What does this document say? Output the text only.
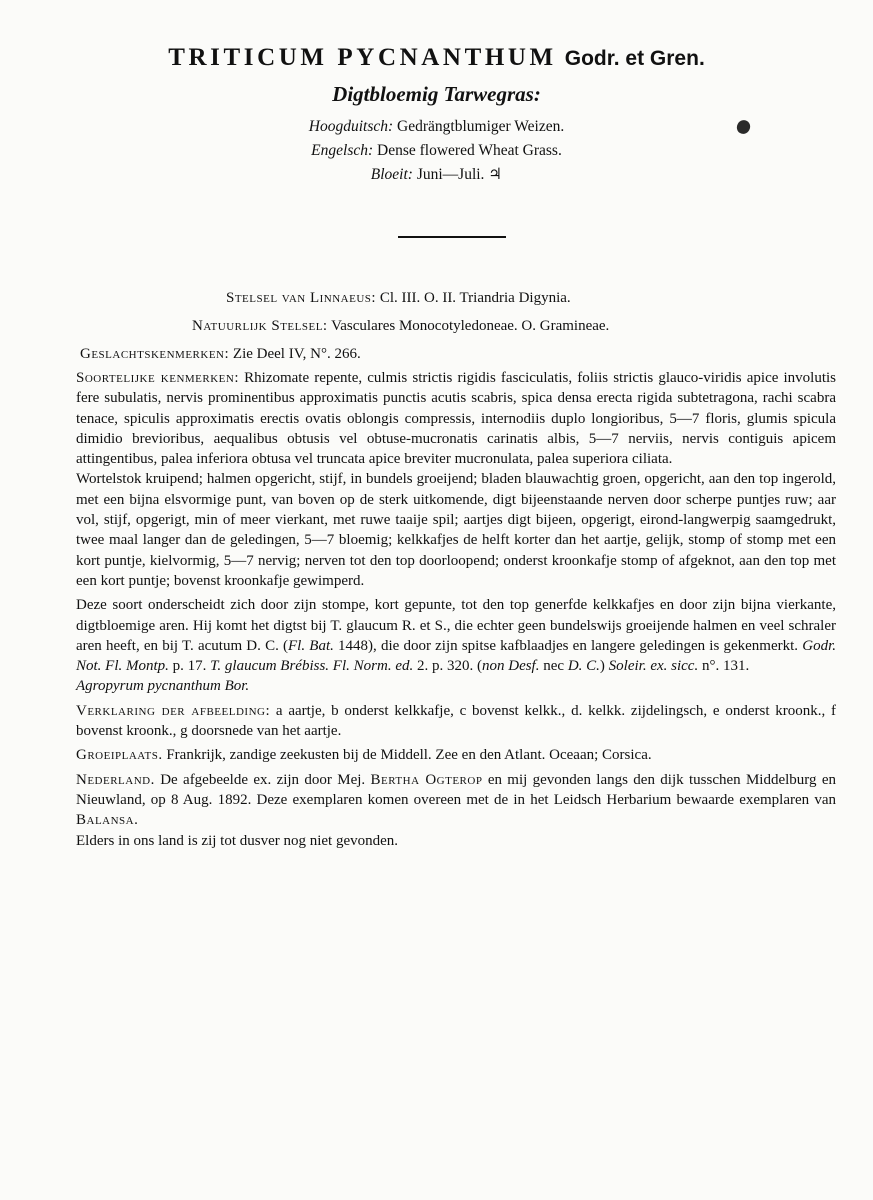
TRITICUM PYCNANTHUM Godr. et Gren.
Digtbloemig Tarwegras:
Hoogduitsch: Gedrängtblumiger Weizen.
Engelsch: Dense flowered Wheat Grass.
Bloeit: Juni—Juli. ♃
Stelsel van Linnaeus: Cl. III. O. II. Triandria Digynia.
Natuurlijk Stelsel: Vasculares Monocotyledoneae. O. Gramineae.
Geslachtskenmerken: Zie Deel IV, N°. 266.

Soortelijke kenmerken: Rhizomate repente, culmis strictis rigidis fasciculatis, foliis strictis glauco-viridis apice involutis fere subulatis, nervis prominentibus approximatis punctis acutis scabris, spica densa erecta rigida subtetragona, rachi scabra tenace, spiculis approximatis erectis ovatis oblongis compressis, internodiis duplo longioribus, 5—7 floris, glumis spicula dimidio brevioribus, aequalibus obtusis vel obtuse-mucronatis carinatis albis, 5—7 nerviis, nervis contiguis apicem attingentibus, palea inferiora obtusa vel truncata apice breviter mucronulata, palea superiora ciliata.

Wortelstok kruipend; halmen opgericht, stijf, in bundels groeijend; bladen blauwachtig groen, opgericht, aan den top ingerold, met een bijna elsvormige punt, van boven op de sterk uitkomende, digt bijeenstaande nerven door scherpe puntjes ruw; aar vol, stijf, opgerigt, min of meer vierkant, met ruwe taaije spil; aartjes digt bijeen, opgerigt, eirond-langwerpig saamgedrukt, twee maal langer dan de geledingen, 5—7 bloemig; kelkkafjes de helft korter dan het aartje, gelijk, stomp of stomp met een kort puntje, kielvormig, 5—7 nervig; nerven tot den top doorloopend; onderst kroonkafje stomp of afgeknot, aan den top met een kort puntje; bovenst kroonkafje gewimperd.

Deze soort onderscheidt zich door zijn stompe, kort gepunte, tot den top generfde kelkkafjes en door zijn bijna vierkante, digtbloemige aren. Hij komt het digtst bij T. glaucum R. et S., die echter geen bundelswijs groeijende halmen en veel schraler aren heeft, en bij T. acutum D. C. (Fl. Bat. 1448), die door zijn spitse kafblaadjes en langere geledingen is gekenmerkt. Godr. Not. Fl. Montp. p. 17. T. glaucum Brébiss. Fl. Norm. ed. 2. p. 320. (non Desf. nec D. C.) Soleir. ex. sicc. n°. 131.
Agropyrum pycnanthum Bor.

Verklaring der afbeelding: a aartje, b onderst kelkkafje, c bovenst kelkk., d. kelkk. zijdelingsch, e onderst kroonk., f bovenst kroonk., g doorsnede van het aartje.

Groeiplaats. Frankrijk, zandige zeekusten bij de Middell. Zee en den Atlant. Oceaan; Corsica.

Nederland. De afgebeelde ex. zijn door Mej. Bertha Ogterop en mij gevonden langs den dijk tusschen Middelburg en Nieuwland, op 8 Aug. 1892. Deze exemplaren komen overeen met de in het Leidsch Herbarium bewaarde exemplaren van Balansa.

Elders in ons land is zij tot dusver nog niet gevonden.
